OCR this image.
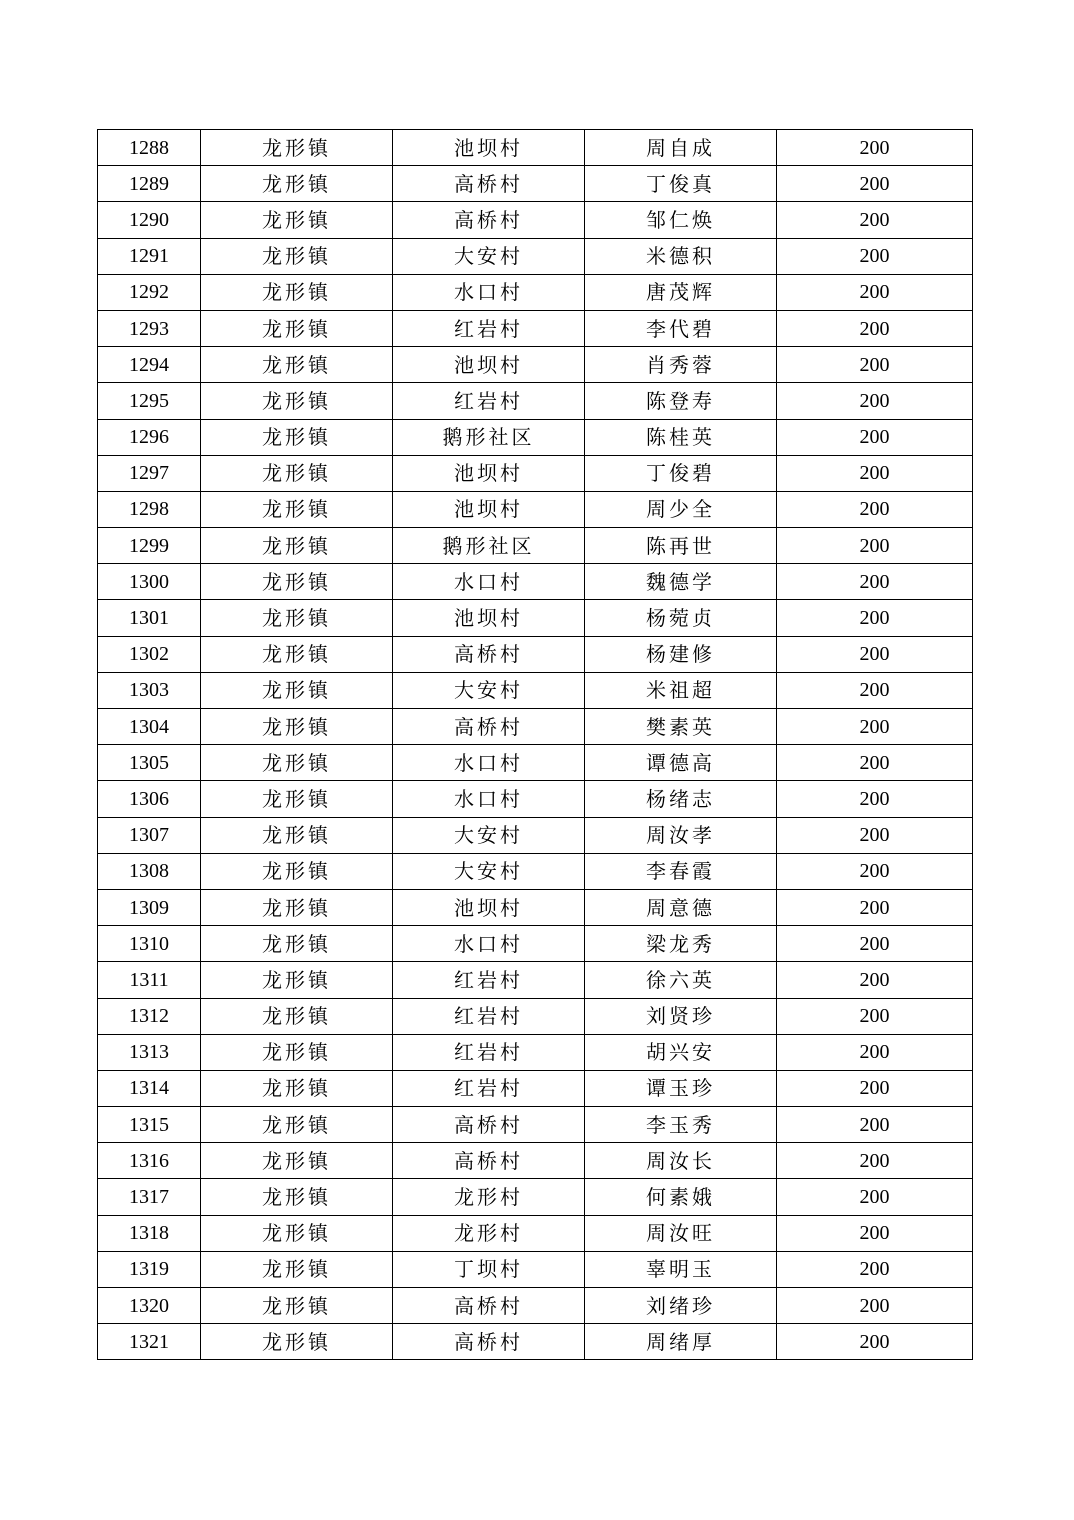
1288	龙形镇	池坝村	周自成	200
1289	龙形镇	高桥村	丁俊真	200
1290	龙形镇	高桥村	邹仁焕	200
1291	龙形镇	大安村	米德积	200
1292	龙形镇	水口村	唐茂辉	200
1293	龙形镇	红岩村	李代碧	200
1294	龙形镇	池坝村	肖秀蓉	200
1295	龙形镇	红岩村	陈登寿	200
1296	龙形镇	鹅形社区	陈桂英	200
1297	龙形镇	池坝村	丁俊碧	200
1298	龙形镇	池坝村	周少全	200
1299	龙形镇	鹅形社区	陈再世	200
1300	龙形镇	水口村	魏德学	200
1301	龙形镇	池坝村	杨菀贞	200
1302	龙形镇	高桥村	杨建修	200
1303	龙形镇	大安村	米祖超	200
1304	龙形镇	高桥村	樊素英	200
1305	龙形镇	水口村	谭德高	200
1306	龙形镇	水口村	杨绪志	200
1307	龙形镇	大安村	周汝孝	200
1308	龙形镇	大安村	李春霞	200
1309	龙形镇	池坝村	周意德	200
1310	龙形镇	水口村	梁龙秀	200
1311	龙形镇	红岩村	徐六英	200
1312	龙形镇	红岩村	刘贤珍	200
1313	龙形镇	红岩村	胡兴安	200
1314	龙形镇	红岩村	谭玉珍	200
1315	龙形镇	高桥村	李玉秀	200
1316	龙形镇	高桥村	周汝长	200
1317	龙形镇	龙形村	何素娥	200
1318	龙形镇	龙形村	周汝旺	200
1319	龙形镇	丁坝村	辜明玉	200
1320	龙形镇	高桥村	刘绪珍	200
1321	龙形镇	高桥村	周绪厚	200
